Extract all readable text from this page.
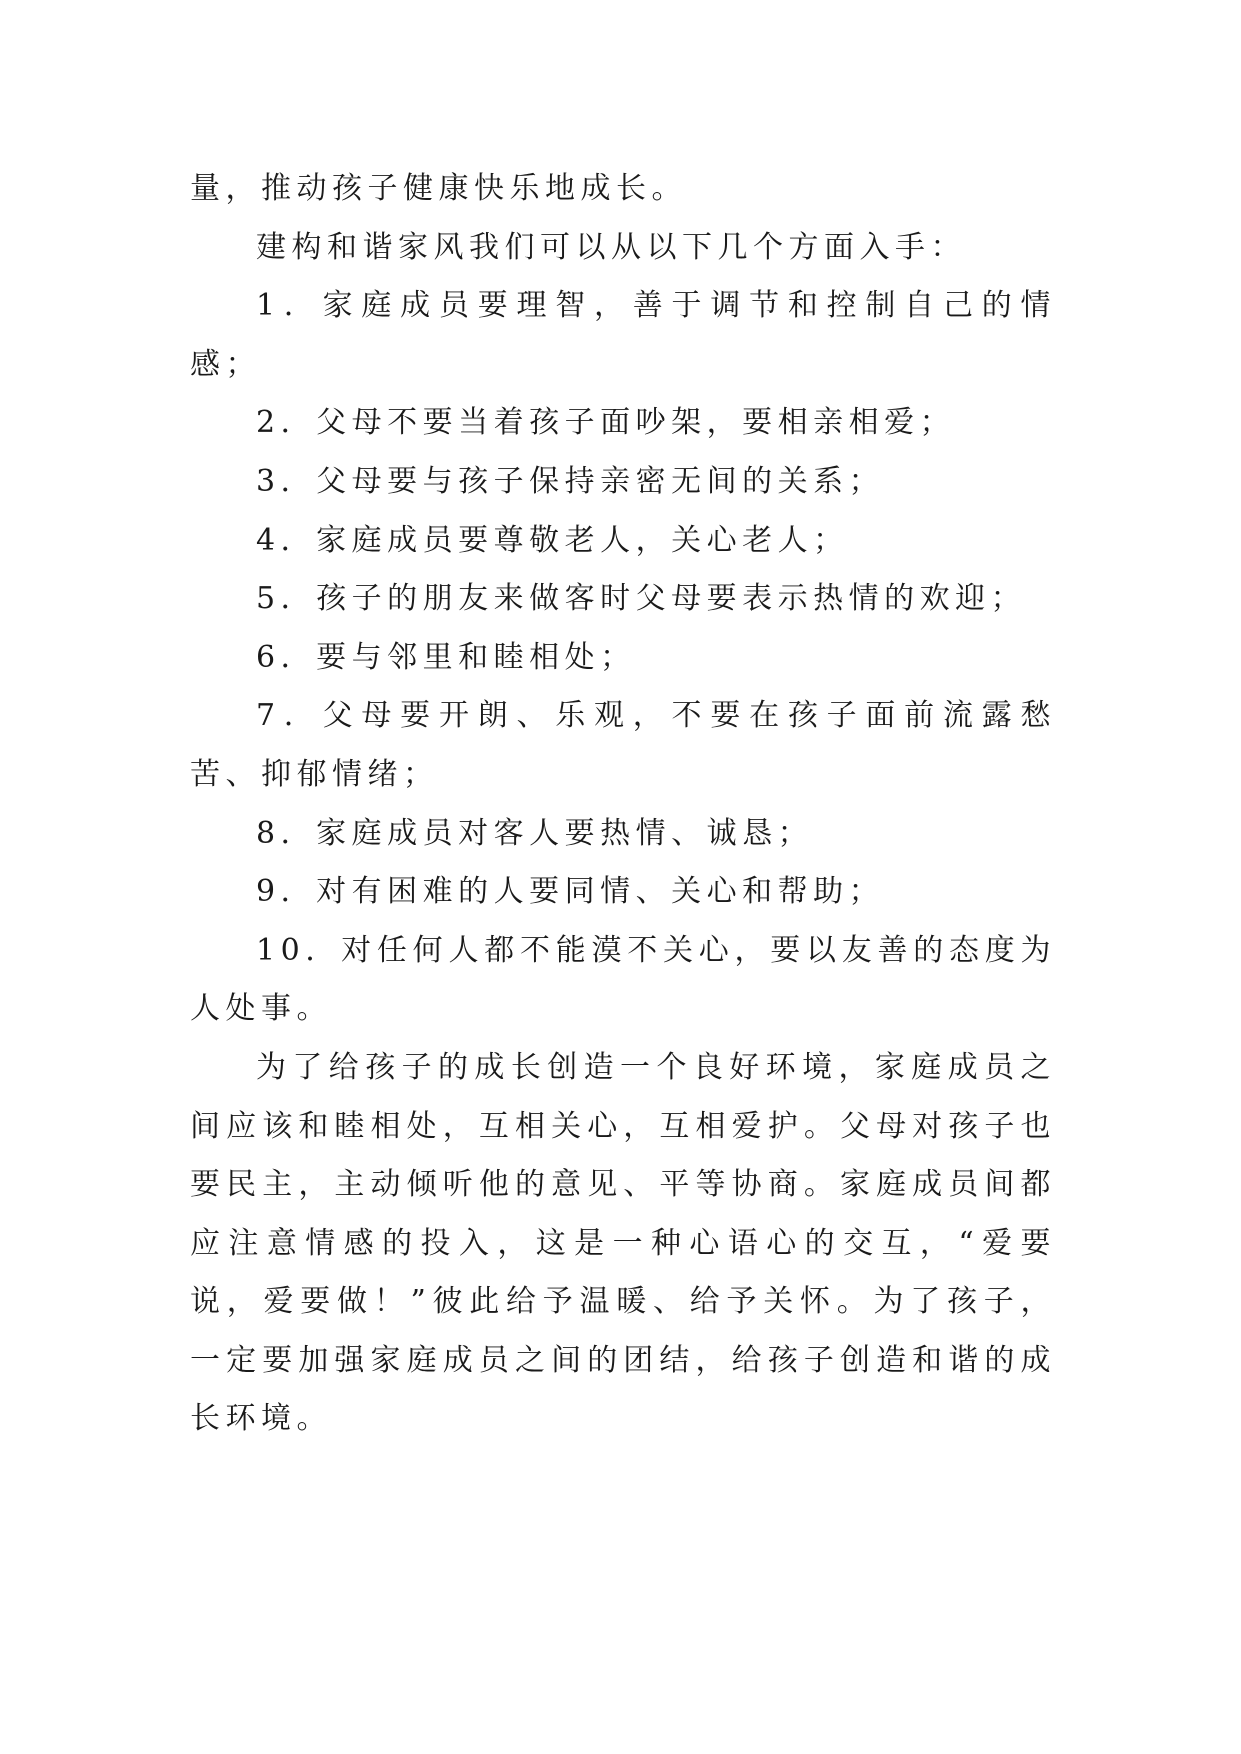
量，推动孩子健康快乐地成长。

建构和谐家风我们可以从以下几个方面入手：

1．家庭成员要理智，善于调节和控制自己的情感；

2．父母不要当着孩子面吵架，要相亲相爱；

3．父母要与孩子保持亲密无间的关系；

4．家庭成员要尊敬老人，关心老人；

5．孩子的朋友来做客时父母要表示热情的欢迎；

6．要与邻里和睦相处；

7．父母要开朗、乐观，不要在孩子面前流露愁苦、抑郁情绪；

8．家庭成员对客人要热情、诚恳；

9．对有困难的人要同情、关心和帮助；

10．对任何人都不能漠不关心，要以友善的态度为人处事。

为了给孩子的成长创造一个良好环境，家庭成员之间应该和睦相处，互相关心，互相爱护。父母对孩子也要民主，主动倾听他的意见、平等协商。家庭成员间都应注意情感的投入，这是一种心语心的交互，“爱要说，爱要做！”彼此给予温暖、给予关怀。为了孩子，一定要加强家庭成员之间的团结，给孩子创造和谐的成长环境。
